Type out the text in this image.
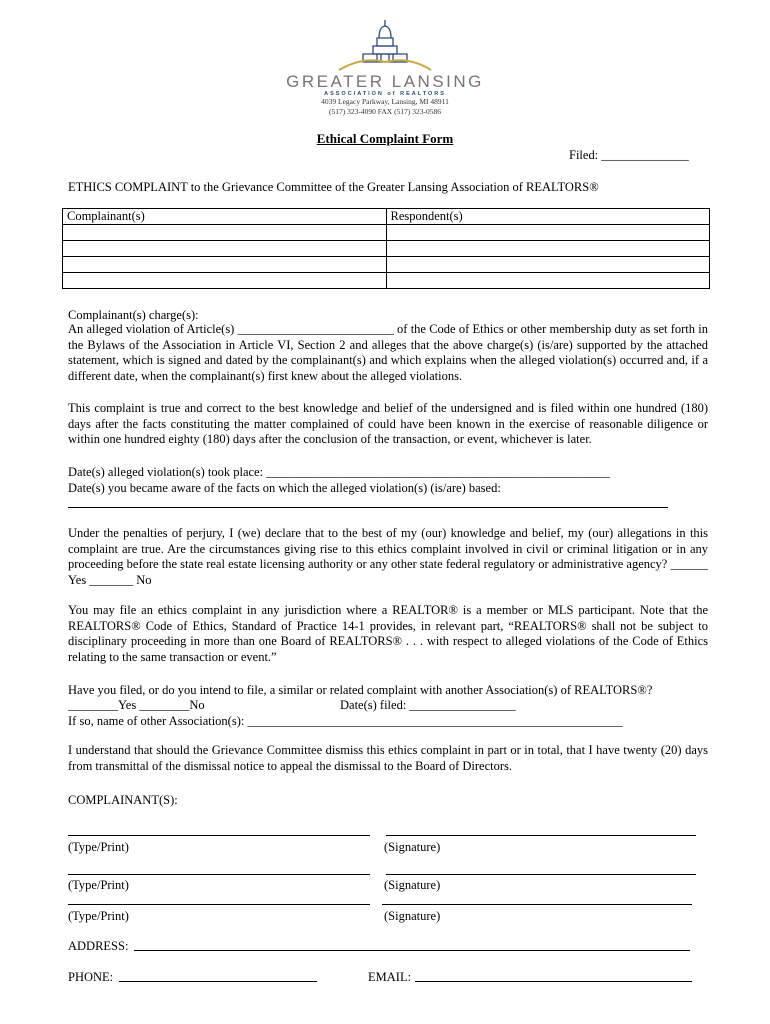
GREATER LANSING
ASSOCIATION of REALTORS
4039 Legacy Parkway, Lansing, MI 48911
(517) 323-4090 FAX (517) 323-0586
Ethical Complaint Form
Filed: ______________
ETHICS COMPLAINT to the Grievance Committee of the Greater Lansing Association of REALTORS®
Complainant(s)	Respondent(s)

Complainant(s) charge(s):
An alleged violation of Article(s) _________________________ of the Code of Ethics or other membership duty as set forth in the Bylaws of the Association in Article VI, Section 2 and alleges that the above charge(s) (is/are) supported by the attached statement, which is signed and dated by the complainant(s) and which explains when the alleged violation(s) occurred and, if a different date, when the complainant(s) first knew about the alleged violations.
This complaint is true and correct to the best knowledge and belief of the undersigned and is filed within one hundred (180) days after the facts constituting the matter complained of could have been known in the exercise of reasonable diligence or within one hundred eighty (180) days after the conclusion of the transaction, or event, whichever is later.
Date(s) alleged violation(s) took place: _______________________________________________________
Date(s) you became aware of the facts on which the alleged violation(s) (is/are) based:
Under the penalties of perjury, I (we) declare that to the best of my (our) knowledge and belief, my (our) allegations in this complaint are true. Are the circumstances giving rise to this ethics complaint involved in civil or criminal litigation or in any proceeding before the state real estate licensing authority or any other state federal regulatory or administrative agency? ______ Yes _______ No
You may file an ethics complaint in any jurisdiction where a REALTOR® is a member or MLS participant. Note that the REALTORS® Code of Ethics, Standard of Practice 14-1 provides, in relevant part, “REALTORS® shall not be subject to disciplinary proceeding in more than one Board of REALTORS® . . . with respect to alleged violations of the Code of Ethics relating to the same transaction or event.”
Have you filed, or do you intend to file, a similar or related complaint with another Association(s) of REALTORS®?
________Yes ________No	Date(s) filed: _________________
If so, name of other Association(s): ____________________________________________________________
I understand that should the Grievance Committee dismiss this ethics complaint in part or in total, that I have twenty (20) days from transmittal of the dismissal notice to appeal the dismissal to the Board of Directors.
COMPLAINANT(S):
(Type/Print)	(Signature)
(Type/Print)	(Signature)
(Type/Print)	(Signature)
ADDRESS:
PHONE:	EMAIL:
